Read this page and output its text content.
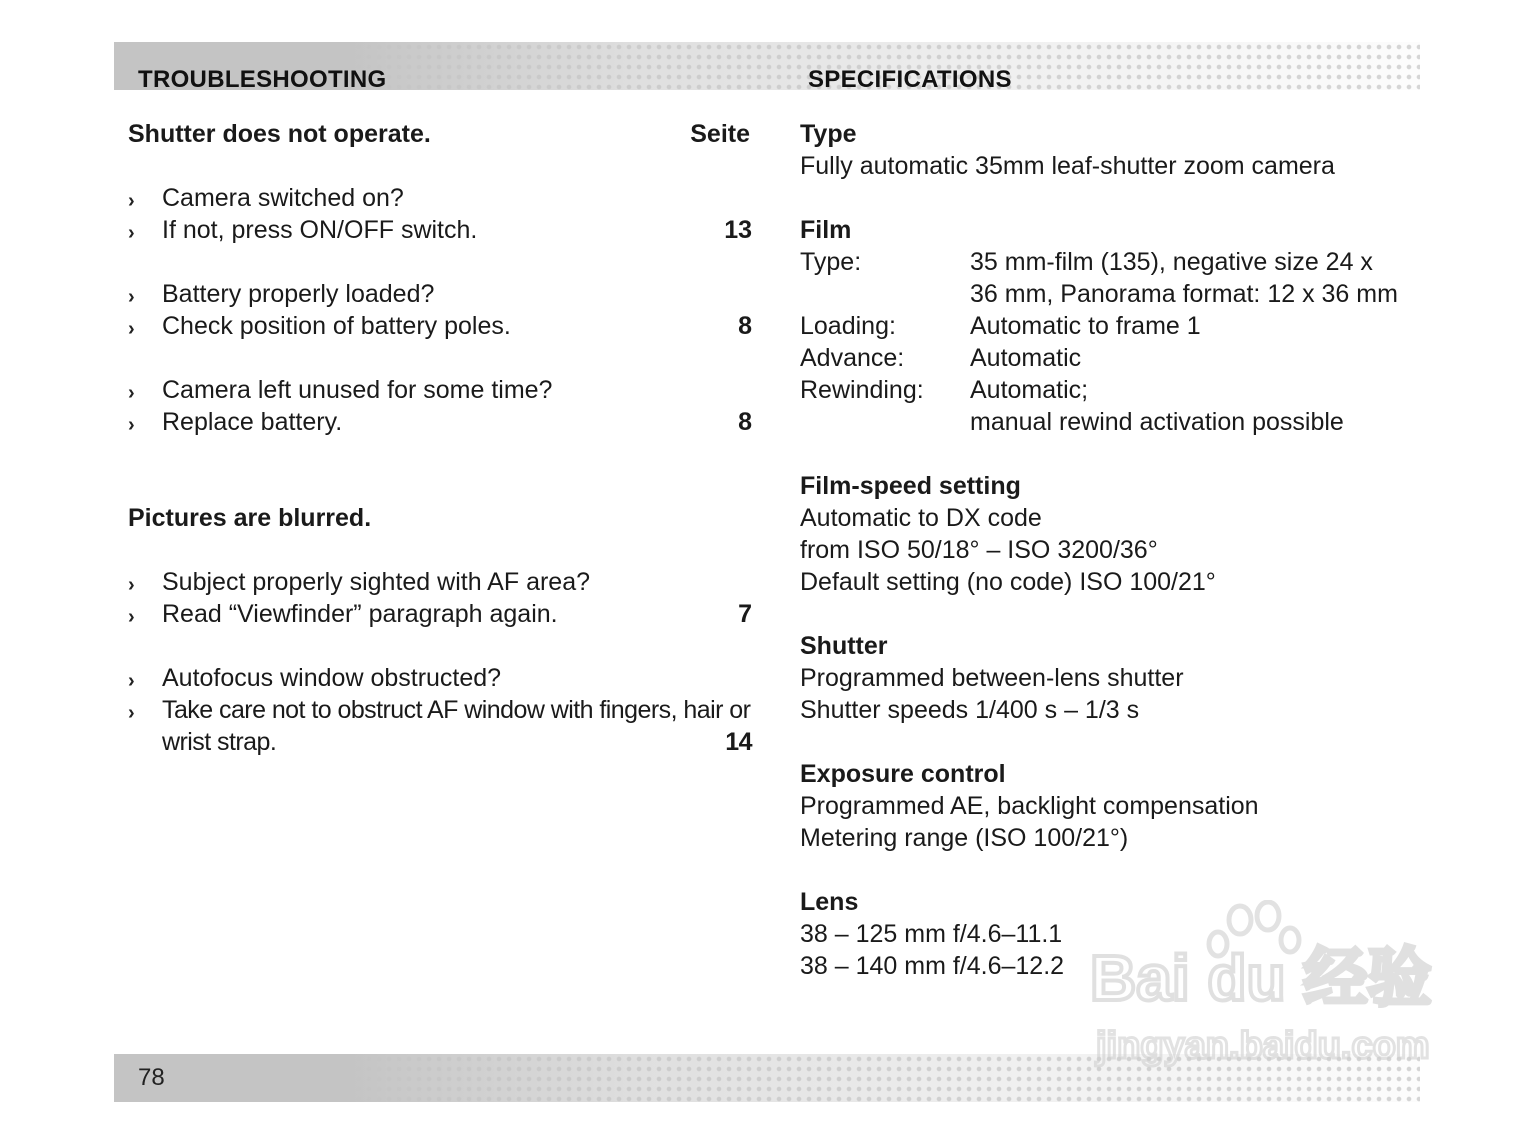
TROUBLESHOOTING	SPECIFICATIONS
78
Shutter does not operate.	Seite
› Camera switched on?
› If not, press ON/OFF switch.	13
› Battery properly loaded?
› Check position of battery poles.	8
› Camera left unused for some time?
› Replace battery.	8
Pictures are blurred.
› Subject properly sighted with AF area?
› Read “Viewfinder” paragraph again.	7
› Autofocus window obstructed?
› Take care not to obstruct AF window with fingers, hair or wrist strap.	14
Type
Fully automatic 35mm leaf-shutter zoom camera
Film
Type:	35 mm-film (135), negative size 24 x
36 mm, Panorama format: 12 x 36 mm
Loading:	Automatic to frame 1
Advance:	Automatic
Rewinding:	Automatic;
manual rewind activation possible
Film-speed setting
Automatic to DX code
from ISO 50/18° – ISO 3200/36°
Default setting (no code) ISO 100/21°
Shutter
Programmed between-lens shutter
Shutter speeds 1/400 s – 1/3 s
Exposure control
Programmed AE, backlight compensation
Metering range (ISO 100/21°)
Lens
38 – 125 mm f/4.6–11.1
38 – 140 mm f/4.6–12.2 Bai du 经验
jingyan.baidu.com
